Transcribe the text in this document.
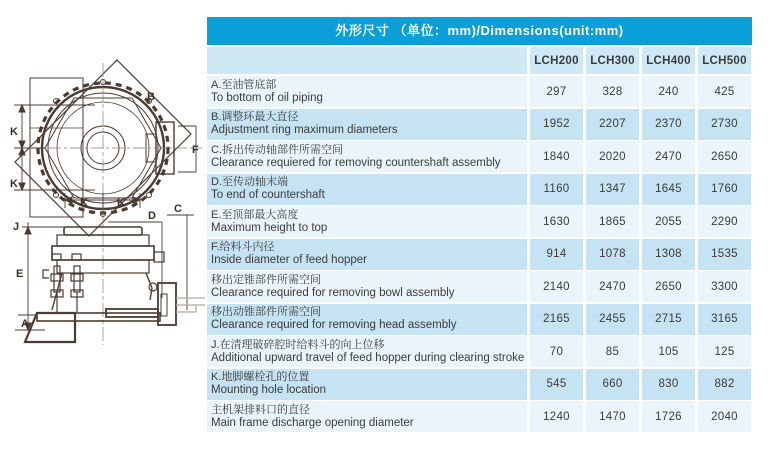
B
F
K
K
K	K
J
E
A
D
C
外形尺寸 （单位：mm)/Dimensions(unit:mm)
LCH200 LCH300 LCH400 LCH500
A.至油管底部
To bottom of oil piping	297	328	240	425
B.调整环最大直径
Adjustment ring maximum diameters	1952	2207	2370	2730
C.拆出传动轴部件所需空间
Clearance requiered for removing countershaft assembly	1840	2020	2470	2650
D.至传动轴末端
To end of countershaft	1160	1347	1645	1760
E.至顶部最大高度
Maximum height to top	1630	1865	2055	2290
F.给料斗内径
Inside diameter of feed hopper	914	1078	1308	1535
移出定锥部件所需空间
Clearance required for removing bowl assembly	2140	2470	2650	3300
移出动锥部件所需空间
Clearance required for removing head assembly	2165	2455	2715	3165
J.在清理破碎腔时给料斗的向上位移
Additional upward travel of feed hopper during clearing stroke	70	85	105	125
K.地脚螺栓孔的位置
Mounting hole location	545	660	830	882
主机架排料口的直径
Main frame discharge opening diameter	1240	1470	1726	2040
